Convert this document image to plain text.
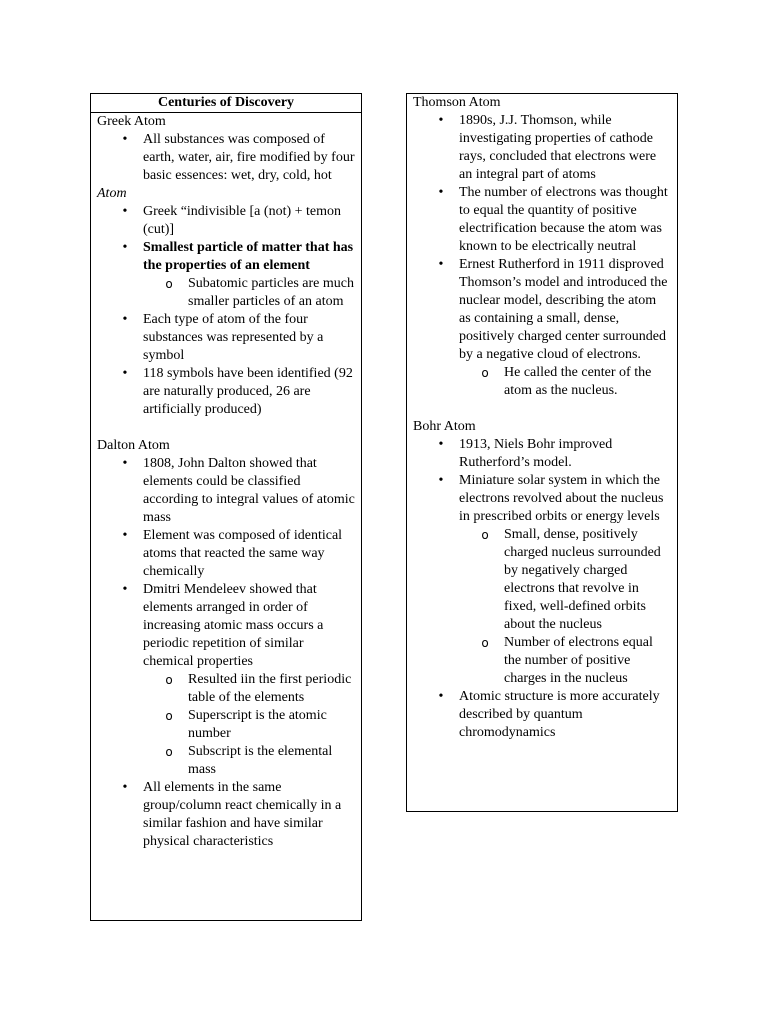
Centuries of Discovery
Greek Atom
• All substances was composed of earth, water, air, fire modified by four basic essences: wet, dry, cold, hot
Atom
• Greek “indivisible [a (not) + temon (cut)]
• Smallest particle of matter that has the properties of an element
o Subatomic particles are much smaller particles of an atom
• Each type of atom of the four substances was represented by a symbol
• 118 symbols have been identified (92 are naturally produced, 26 are artificially produced)
Dalton Atom
• 1808, John Dalton showed that elements could be classified according to integral values of atomic mass
• Element was composed of identical atoms that reacted the same way chemically
• Dmitri Mendeleev showed that elements arranged in order of increasing atomic mass occurs a periodic repetition of similar chemical properties
o Resulted iin the first periodic table of the elements
o Superscript is the atomic number
o Subscript is the elemental mass
• All elements in the same group/column react chemically in a similar fashion and have similar physical characteristics
Thomson Atom
• 1890s, J.J. Thomson, while investigating properties of cathode rays, concluded that electrons were an integral part of atoms
• The number of electrons was thought to equal the quantity of positive electrification because the atom was known to be electrically neutral
• Ernest Rutherford in 1911 disproved Thomson’s model and introduced the nuclear model, describing the atom as containing a small, dense, positively charged center surrounded by a negative cloud of electrons.
o He called the center of the atom as the nucleus.
Bohr Atom
• 1913, Niels Bohr improved Rutherford’s model.
• Miniature solar system in which the electrons revolved about the nucleus in prescribed orbits or energy levels
o Small, dense, positively charged nucleus surrounded by negatively charged electrons that revolve in fixed, well-defined orbits about the nucleus
o Number of electrons equal the number of positive charges in the nucleus
• Atomic structure is more accurately described by quantum chromodynamics
